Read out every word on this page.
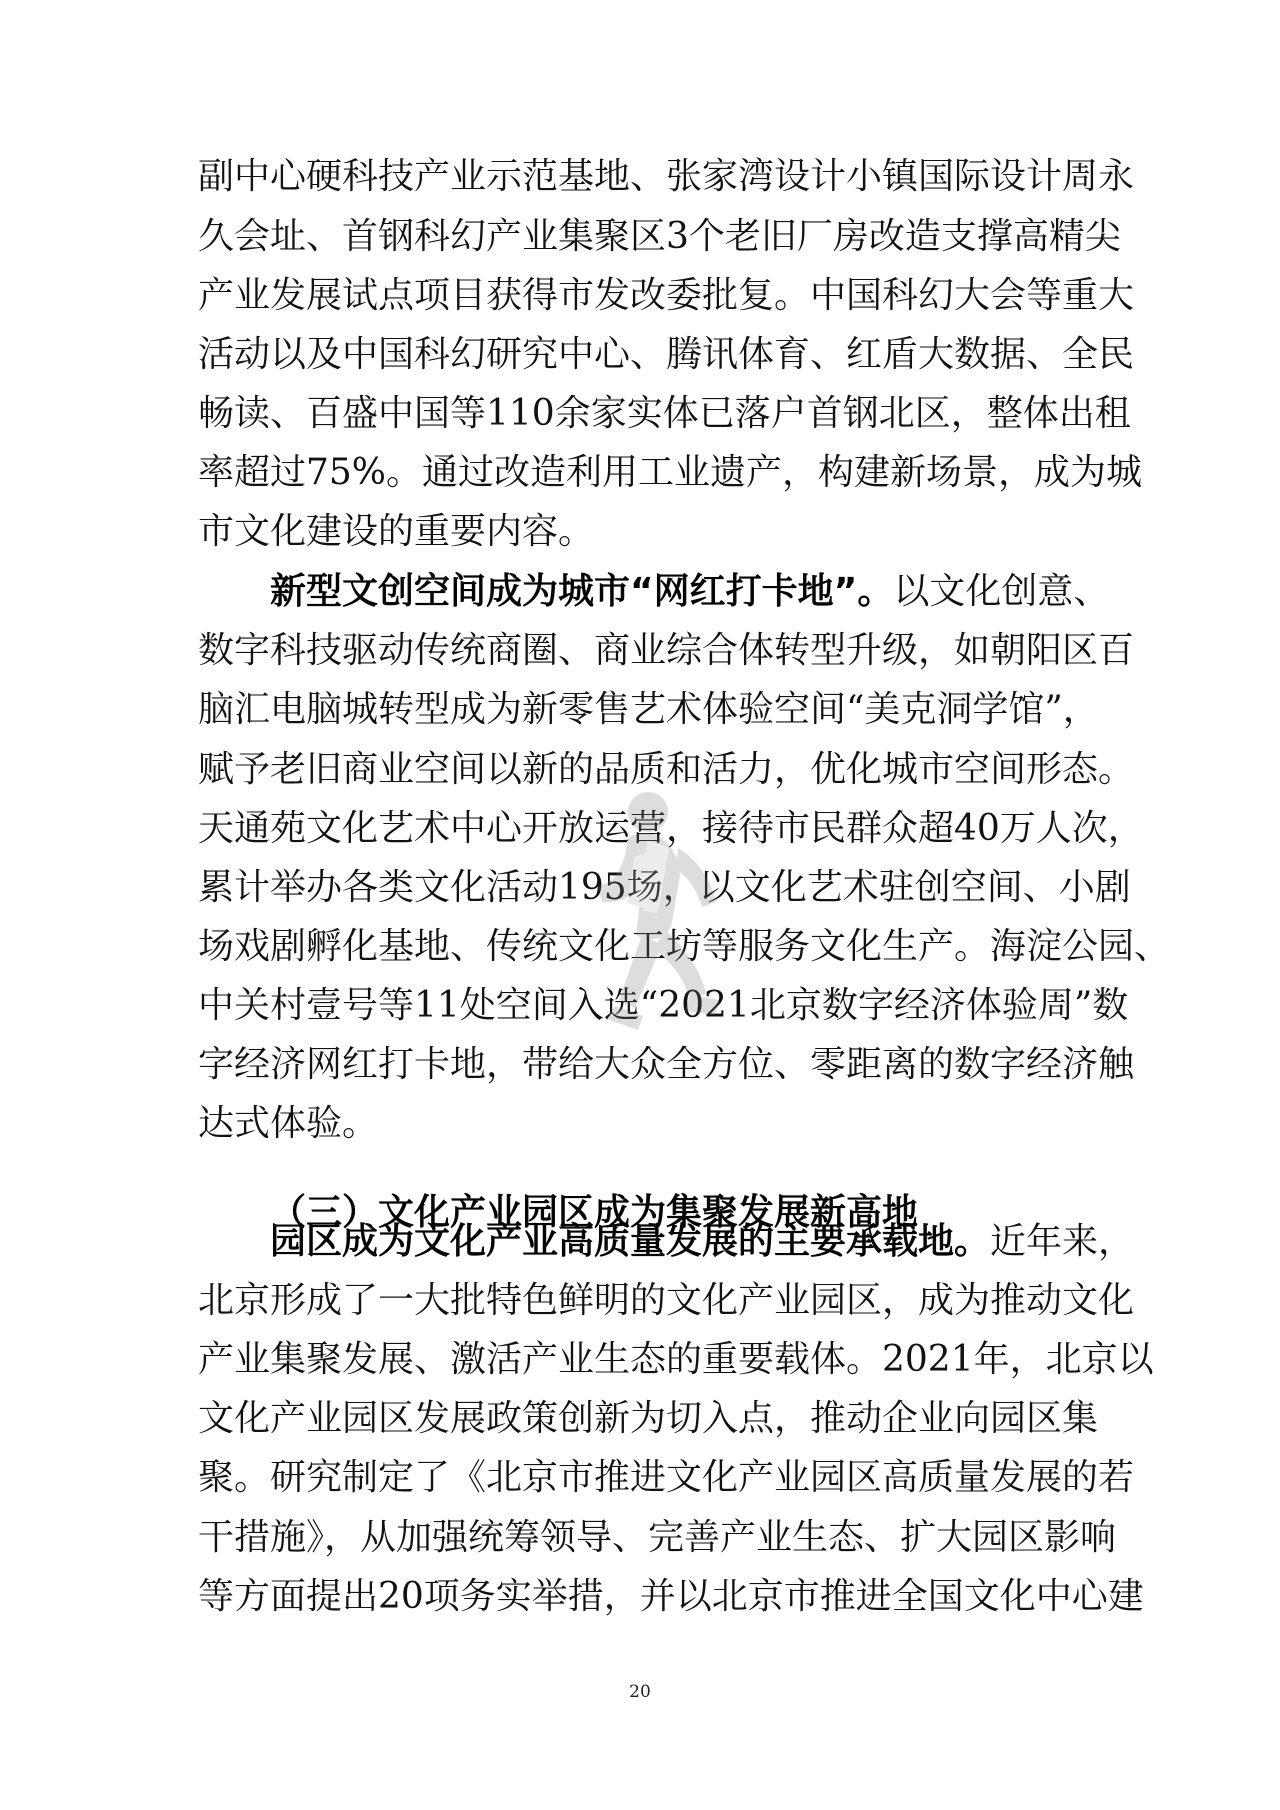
副中心硬科技产业示范基地、张家湾设计小镇国际设计周永
久会址、首钢科幻产业集聚区3个老旧厂房改造支撑高精尖
产业发展试点项目获得市发改委批复。中国科幻大会等重大
活动以及中国科幻研究中心、腾讯体育、红盾大数据、全民
畅读、百盛中国等110余家实体已落户首钢北区，整体出租
率超过75%。通过改造利用工业遗产，构建新场景，成为城
市文化建设的重要内容。
新型文创空间成为城市“网红打卡地”。以文化创意、
数字科技驱动传统商圈、商业综合体转型升级，如朝阳区百
脑汇电脑城转型成为新零售艺术体验空间“美克洞学馆”，
赋予老旧商业空间以新的品质和活力，优化城市空间形态。
天通苑文化艺术中心开放运营，接待市民群众超40万人次，
累计举办各类文化活动195场，以文化艺术驻创空间、小剧
场戏剧孵化基地、传统文化工坊等服务文化生产。海淀公园、
中关村壹号等11处空间入选“2021北京数字经济体验周”数
字经济网红打卡地，带给大众全方位、零距离的数字经济触
达式体验。
（三）文化产业园区成为集聚发展新高地
园区成为文化产业高质量发展的主要承载地。近年来，
北京形成了一大批特色鲜明的文化产业园区，成为推动文化
产业集聚发展、激活产业生态的重要载体。2021年，北京以
文化产业园区发展政策创新为切入点，推动企业向园区集
聚。研究制定了《北京市推进文化产业园区高质量发展的若
干措施》，从加强统筹领导、完善产业生态、扩大园区影响
等方面提出20项务实举措，并以北京市推进全国文化中心建
20
